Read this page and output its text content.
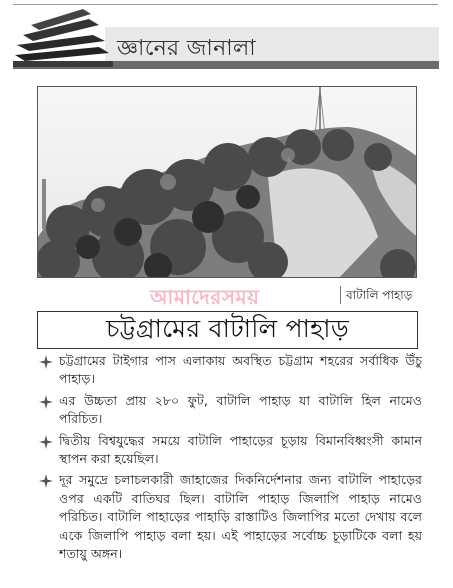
জ্ঞানের জানালা
আমাদেরসময়	বাটালি পাহাড়
চট্টগ্রামের বাটালি পাহাড়
চট্টগ্রামের টাইগার পাস এলাকায় অবস্থিত চট্টগ্রাম শহরের সর্বাধিক উঁচু পাহাড়।
এর উচ্চতা প্রায় ২৮০ ফুট, বাটালি পাহাড় যা বাটালি হিল নামেও পরিচিত।
দ্বিতীয় বিশ্বযুদ্ধের সময়ে বাটালি পাহাড়ের চূড়ায় বিমানবিধ্বংসী কামান স্থাপন করা হয়েছিল।
দূর সমুদ্রে চলাচলকারী জাহাজের দিকনির্দেশনার জন্য বাটালি পাহাড়ের ওপর একটি বাতিঘর ছিল। বাটালি পাহাড় জিলাপি পাহাড় নামেও পরিচিত। বাটালি পাহাড়ের পাহাড়ি রাস্তাটিও জিলাপির মতো দেখায় বলে একে জিলাপি পাহাড় বলা হয়। এই পাহাড়ের সর্বোচ্চ চূড়াটিকে বলা হয় শতায়ু অঙ্গন।
